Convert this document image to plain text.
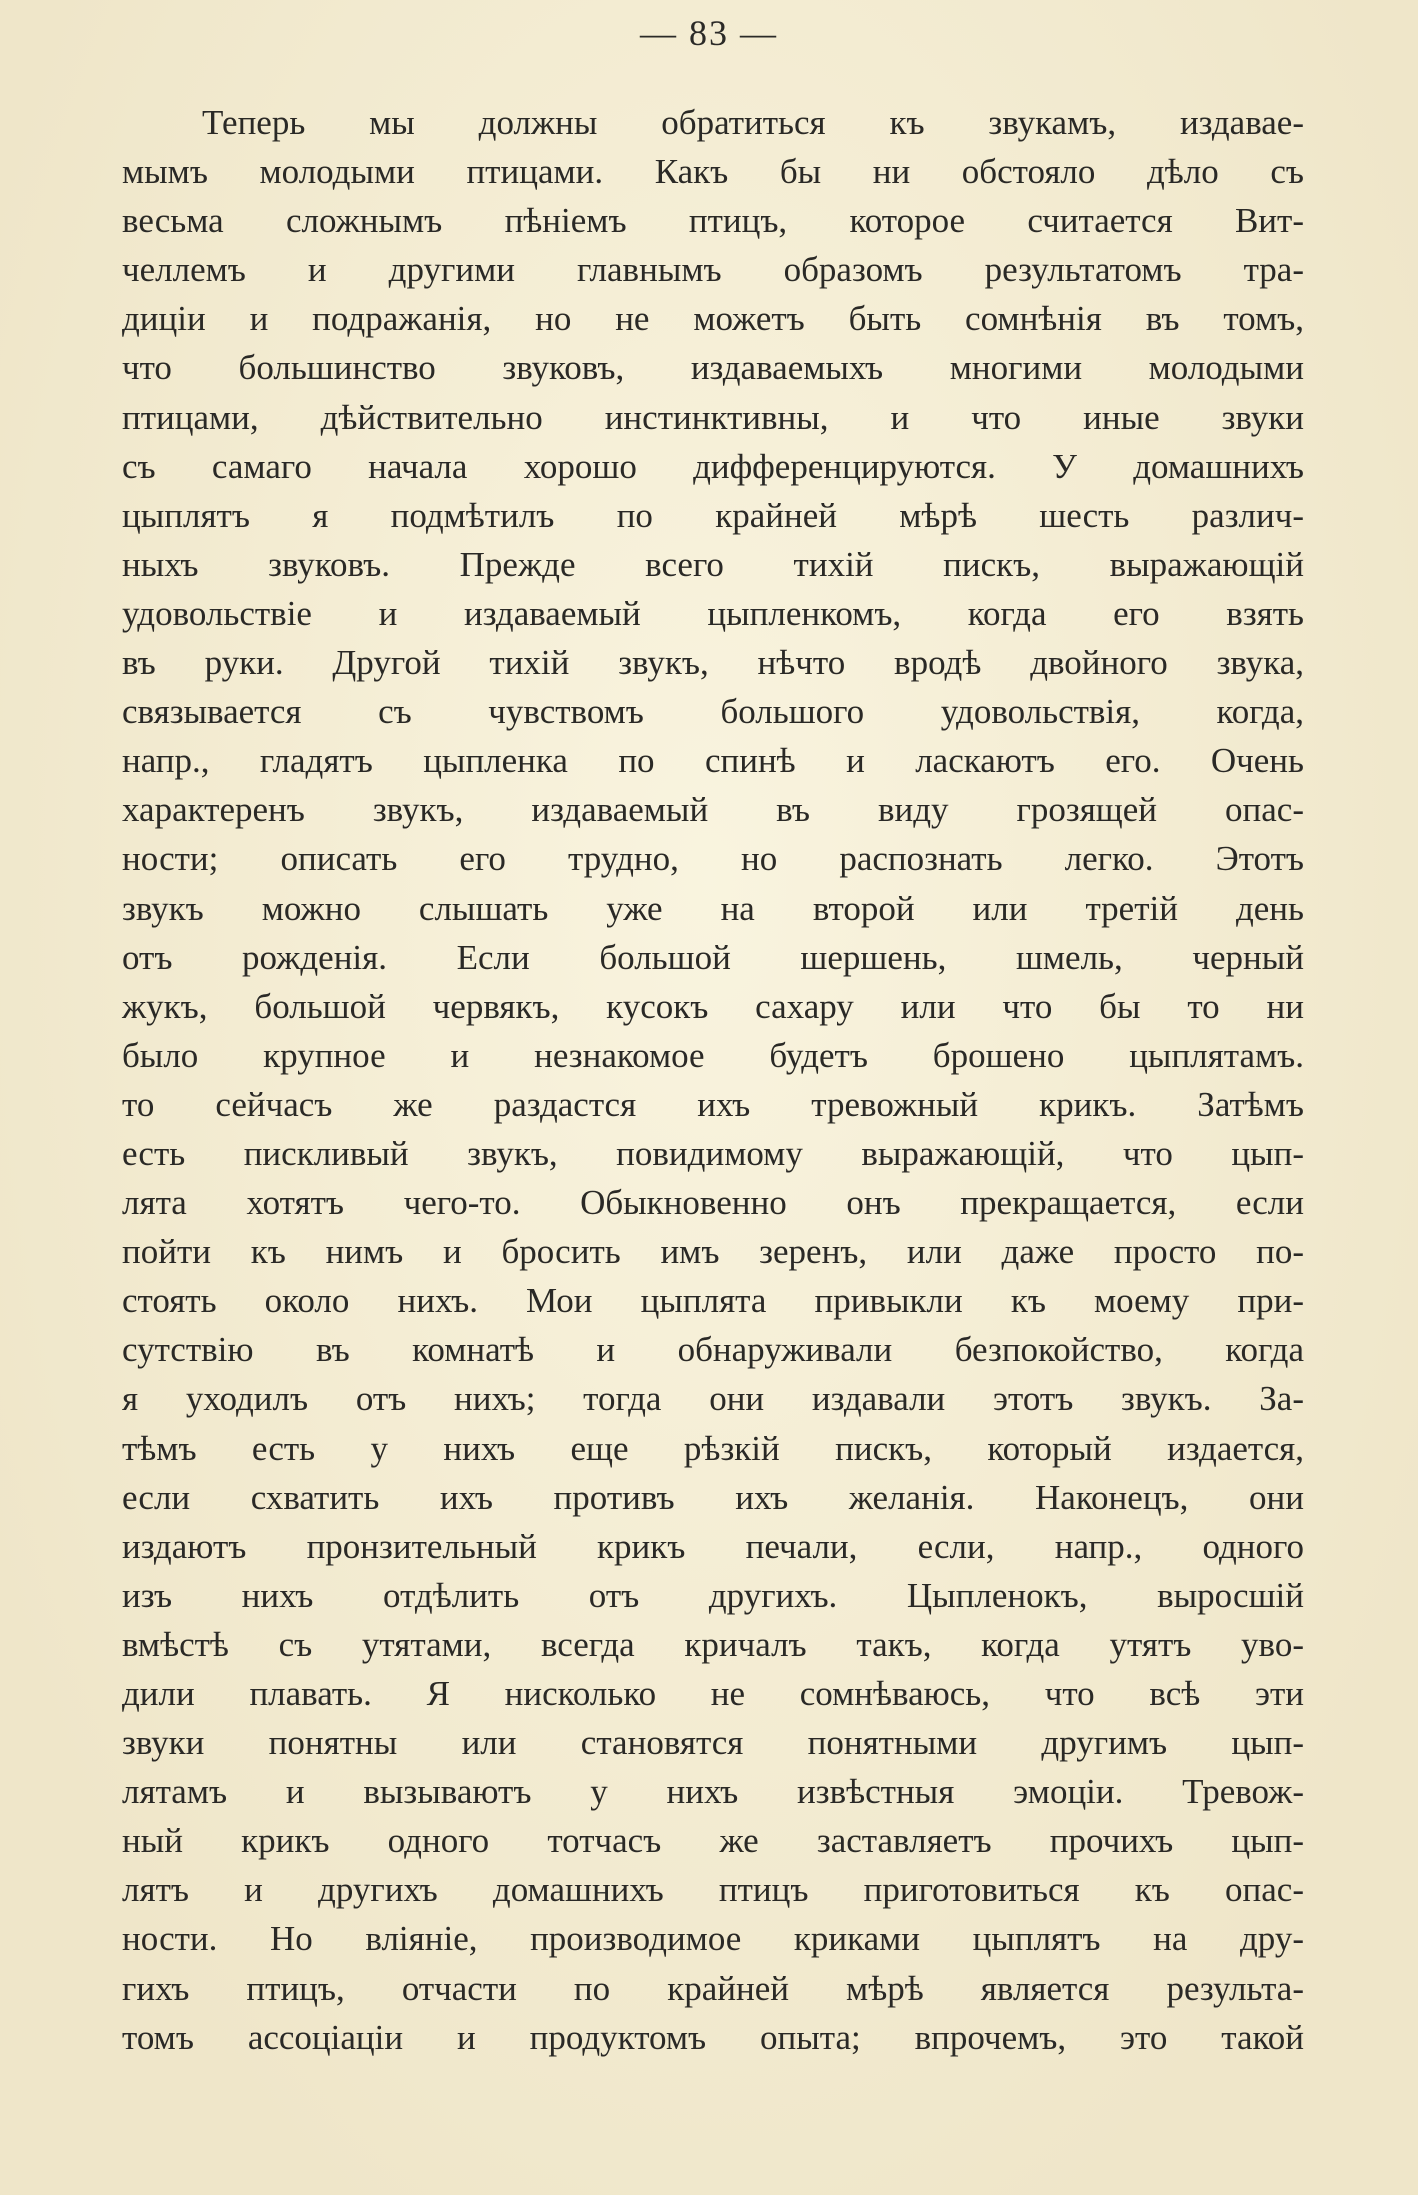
— 83 —
Теперь мы должны обратиться къ звукамъ, издавае-
мымъ молодыми птицами. Какъ бы ни обстояло дѣло съ
весьма сложнымъ пѣніемъ птицъ, которое считается Вит-
челлемъ и другими главнымъ образомъ результатомъ тра-
диціи и подражанія, но не можетъ быть сомнѣнія въ томъ,
что большинство звуковъ, издаваемыхъ многими молодыми
птицами, дѣйствительно инстинктивны, и что иные звуки
съ самаго начала хорошо дифференцируются. У домашнихъ
цыплятъ я подмѣтилъ по крайней мѣрѣ шесть различ-
ныхъ звуковъ. Прежде всего тихій пискъ, выражающій
удовольствіе и издаваемый цыпленкомъ, когда его взять
въ руки. Другой тихій звукъ, нѣчто вродѣ двойного звука,
связывается съ чувствомъ большого удовольствія, когда,
напр., гладятъ цыпленка по спинѣ и ласкаютъ его. Очень
характеренъ звукъ, издаваемый въ виду грозящей опас-
ности; описать его трудно, но распознать легко. Этотъ
звукъ можно слышать уже на второй или третій день
отъ рожденія. Если большой шершень, шмель, черный
жукъ, большой червякъ, кусокъ сахару или что бы то ни
было крупное и незнакомое будетъ брошено цыплятамъ.
то сейчасъ же раздастся ихъ тревожный крикъ. Затѣмъ
есть пискливый звукъ, повидимому выражающій, что цып-
лята хотятъ чего-то. Обыкновенно онъ прекращается, если
пойти къ нимъ и бросить имъ зеренъ, или даже просто по-
стоять около нихъ. Мои цыплята привыкли къ моему при-
сутствію въ комнатѣ и обнаруживали безпокойство, когда
я уходилъ отъ нихъ; тогда они издавали этотъ звукъ. За-
тѣмъ есть у нихъ еще рѣзкій пискъ, который издается,
если схватить ихъ противъ ихъ желанія. Наконецъ, они
издаютъ пронзительный крикъ печали, если, напр., одного
изъ нихъ отдѣлить отъ другихъ. Цыпленокъ, выросшій
вмѣстѣ съ утятами, всегда кричалъ такъ, когда утятъ уво-
дили плавать. Я нисколько не сомнѣваюсь, что всѣ эти
звуки понятны или становятся понятными другимъ цып-
лятамъ и вызываютъ у нихъ извѣстныя эмоціи. Тревож-
ный крикъ одного тотчасъ же заставляетъ прочихъ цып-
лятъ и другихъ домашнихъ птицъ приготовиться къ опас-
ности. Но вліяніе, производимое криками цыплятъ на дру-
гихъ птицъ, отчасти по крайней мѣрѣ является результа-
томъ ассоціаціи и продуктомъ опыта; впрочемъ, это такой
